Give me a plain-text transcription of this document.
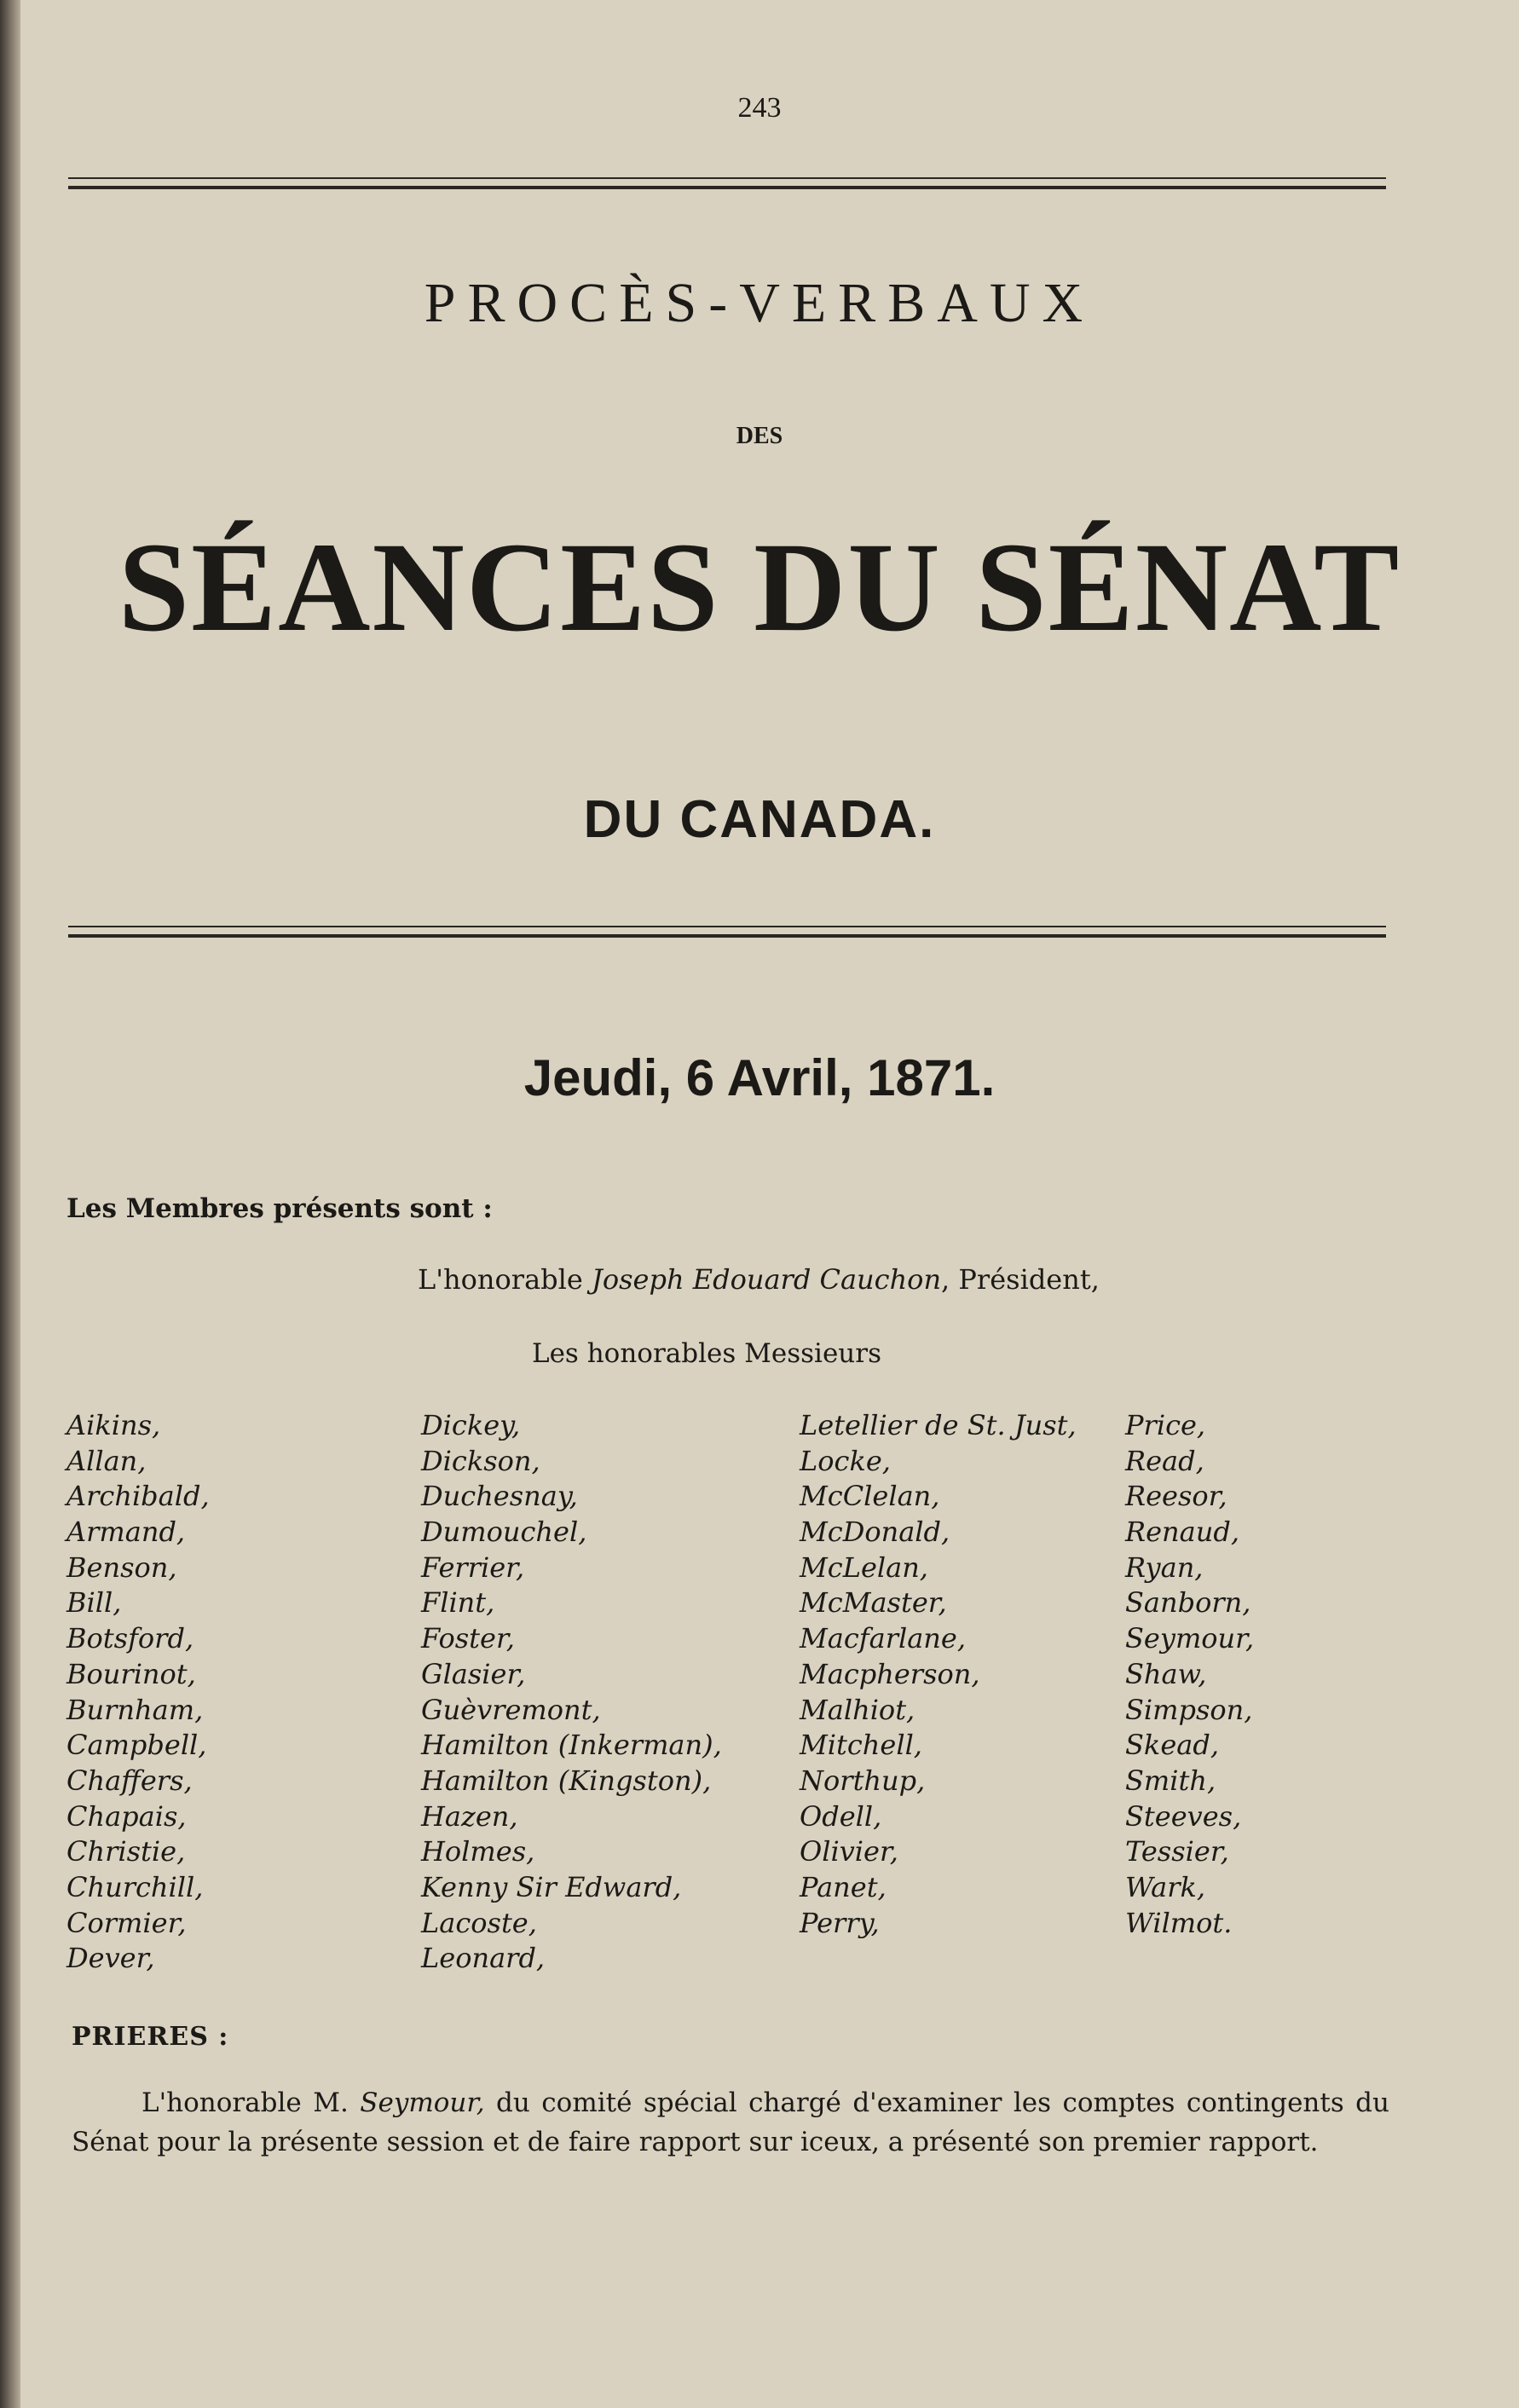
243
PROCÈS-VERBAUX
DES
SÉANCES DU SÉNAT
DU CANADA.
Jeudi, 6 Avril, 1871.
Les Membres présents sont :
L'honorable Joseph Edouard Cauchon, Président,
Les honorables Messieurs
Aikins,
Allan,
Archibald,
Armand,
Benson,
Bill,
Botsford,
Bourinot,
Burnham,
Campbell,
Chaffers,
Chapais,
Christie,
Churchill,
Cormier,
Dever,
Dickey,
Dickson,
Duchesnay,
Dumouchel,
Ferrier,
Flint,
Foster,
Glasier,
Guèvremont,
Hamilton (Inkerman),
Hamilton (Kingston),
Hazen,
Holmes,
Kenny Sir Edward,
Lacoste,
Leonard,
Letellier de St. Just,
Locke,
McClelan,
McDonald,
McLelan,
McMaster,
Macfarlane,
Macpherson,
Malhiot,
Mitchell,
Northup,
Odell,
Olivier,
Panet,
Perry,
Price,
Read,
Reesor,
Renaud,
Ryan,
Sanborn,
Seymour,
Shaw,
Simpson,
Skead,
Smith,
Steeves,
Tessier,
Wark,
Wilmot.
PRIERES :
L'honorable M. Seymour, du comité spécial chargé d'examiner les comptes contingents du Sénat pour la présente session et de faire rapport sur iceux, a présenté son premier rapport.
